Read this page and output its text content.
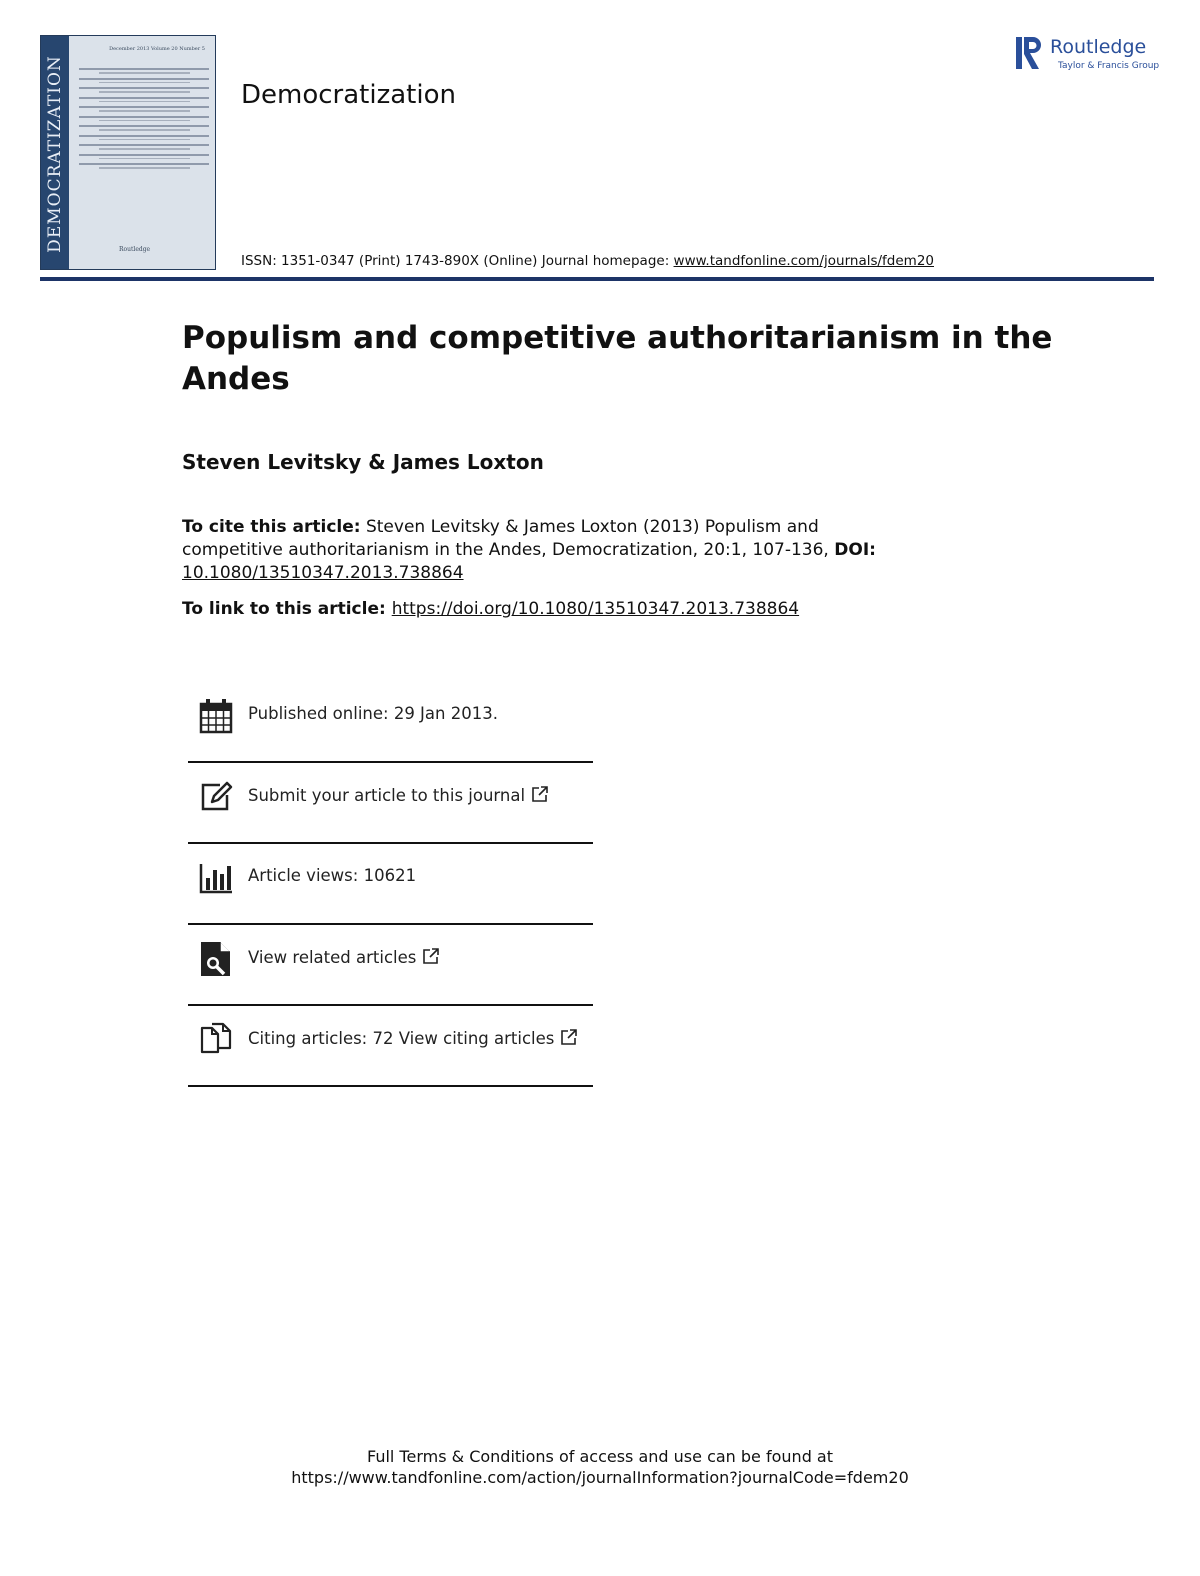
DEMOCRATIZATION
December 2013 Volume 20 Number 5
Routledge
Democratization
Routledge
Taylor & Francis Group
ISSN: 1351-0347 (Print) 1743-890X (Online) Journal homepage: www.tandfonline.com/journals/fdem20
Populism and competitive authoritarianism in the Andes
Steven Levitsky & James Loxton
To cite this article: Steven Levitsky & James Loxton (2013) Populism and competitive authoritarianism in the Andes, Democratization, 20:1, 107-136, DOI: 10.1080/13510347.2013.738864
To link to this article: https://doi.org/10.1080/13510347.2013.738864
Published online: 29 Jan 2013.
Submit your article to this journal
Article views: 10621
View related articles
Citing articles: 72 View citing articles
Full Terms & Conditions of access and use can be found at
https://www.tandfonline.com/action/journalInformation?journalCode=fdem20
